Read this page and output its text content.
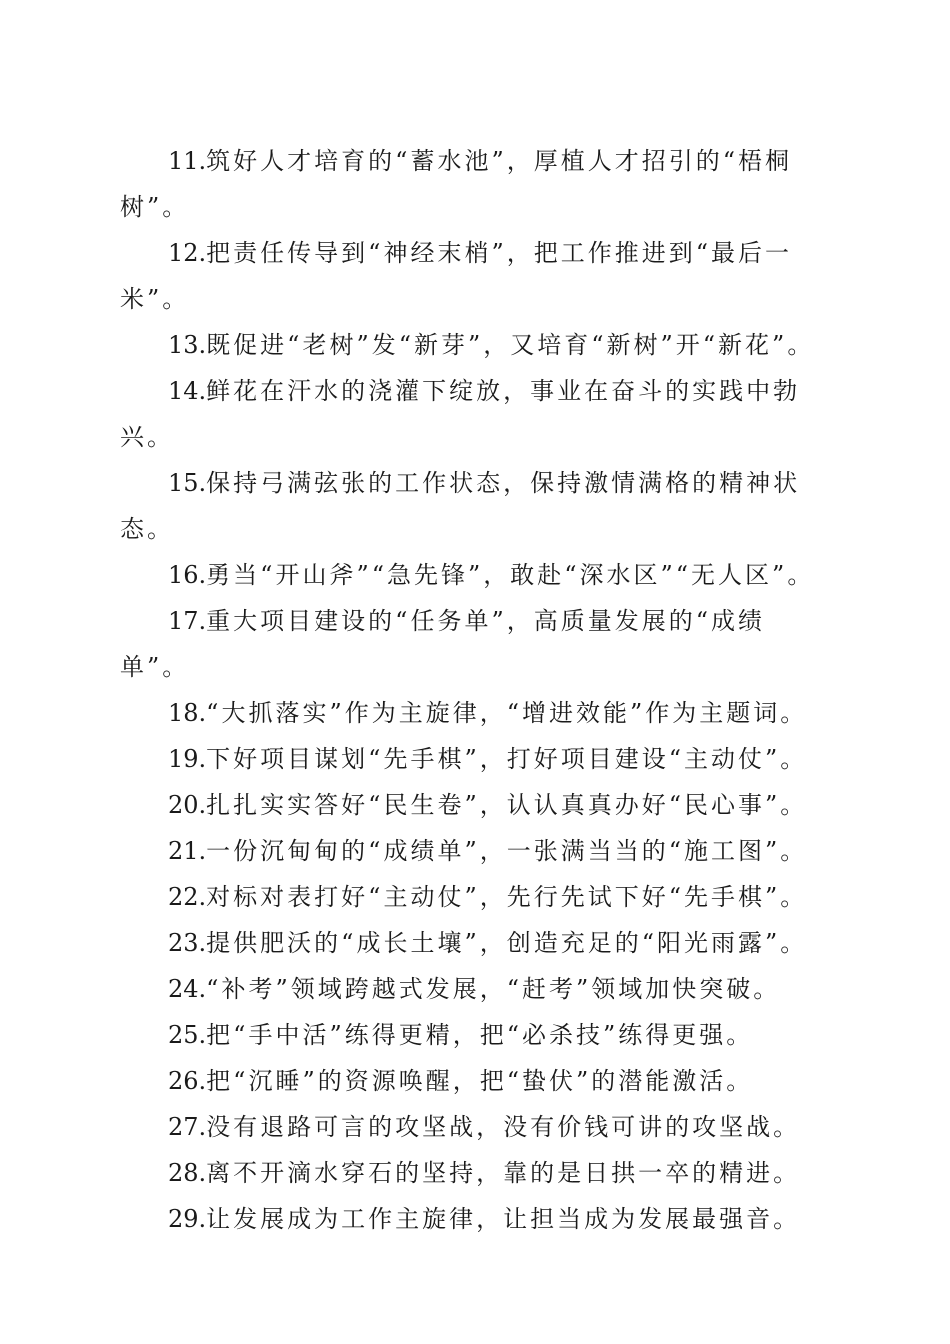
11.筑好人才培育的“蓄水池”，厚植人才招引的“梧桐树”。

12.把责任传导到“神经末梢”，把工作推进到“最后一米”。

13.既促进“老树”发“新芽”，又培育“新树”开“新花”。

14.鲜花在汗水的浇灌下绽放，事业在奋斗的实践中勃兴。

15.保持弓满弦张的工作状态，保持激情满格的精神状态。

16.勇当“开山斧”“急先锋”，敢赴“深水区”“无人区”。

17.重大项目建设的“任务单”，高质量发展的“成绩单”。

18.“大抓落实”作为主旋律，“增进效能”作为主题词。

19.下好项目谋划“先手棋”，打好项目建设“主动仗”。

20.扎扎实实答好“民生卷”，认认真真办好“民心事”。

21.一份沉甸甸的“成绩单”，一张满当当的“施工图”。

22.对标对表打好“主动仗”，先行先试下好“先手棋”。

23.提供肥沃的“成长土壤”，创造充足的“阳光雨露”。

24.“补考”领域跨越式发展，“赶考”领域加快突破。

25.把“手中活”练得更精，把“必杀技”练得更强。

26.把“沉睡”的资源唤醒，把“蛰伏”的潜能激活。

27.没有退路可言的攻坚战，没有价钱可讲的攻坚战。

28.离不开滴水穿石的坚持，靠的是日拱一卒的精进。

29.让发展成为工作主旋律，让担当成为发展最强音。
